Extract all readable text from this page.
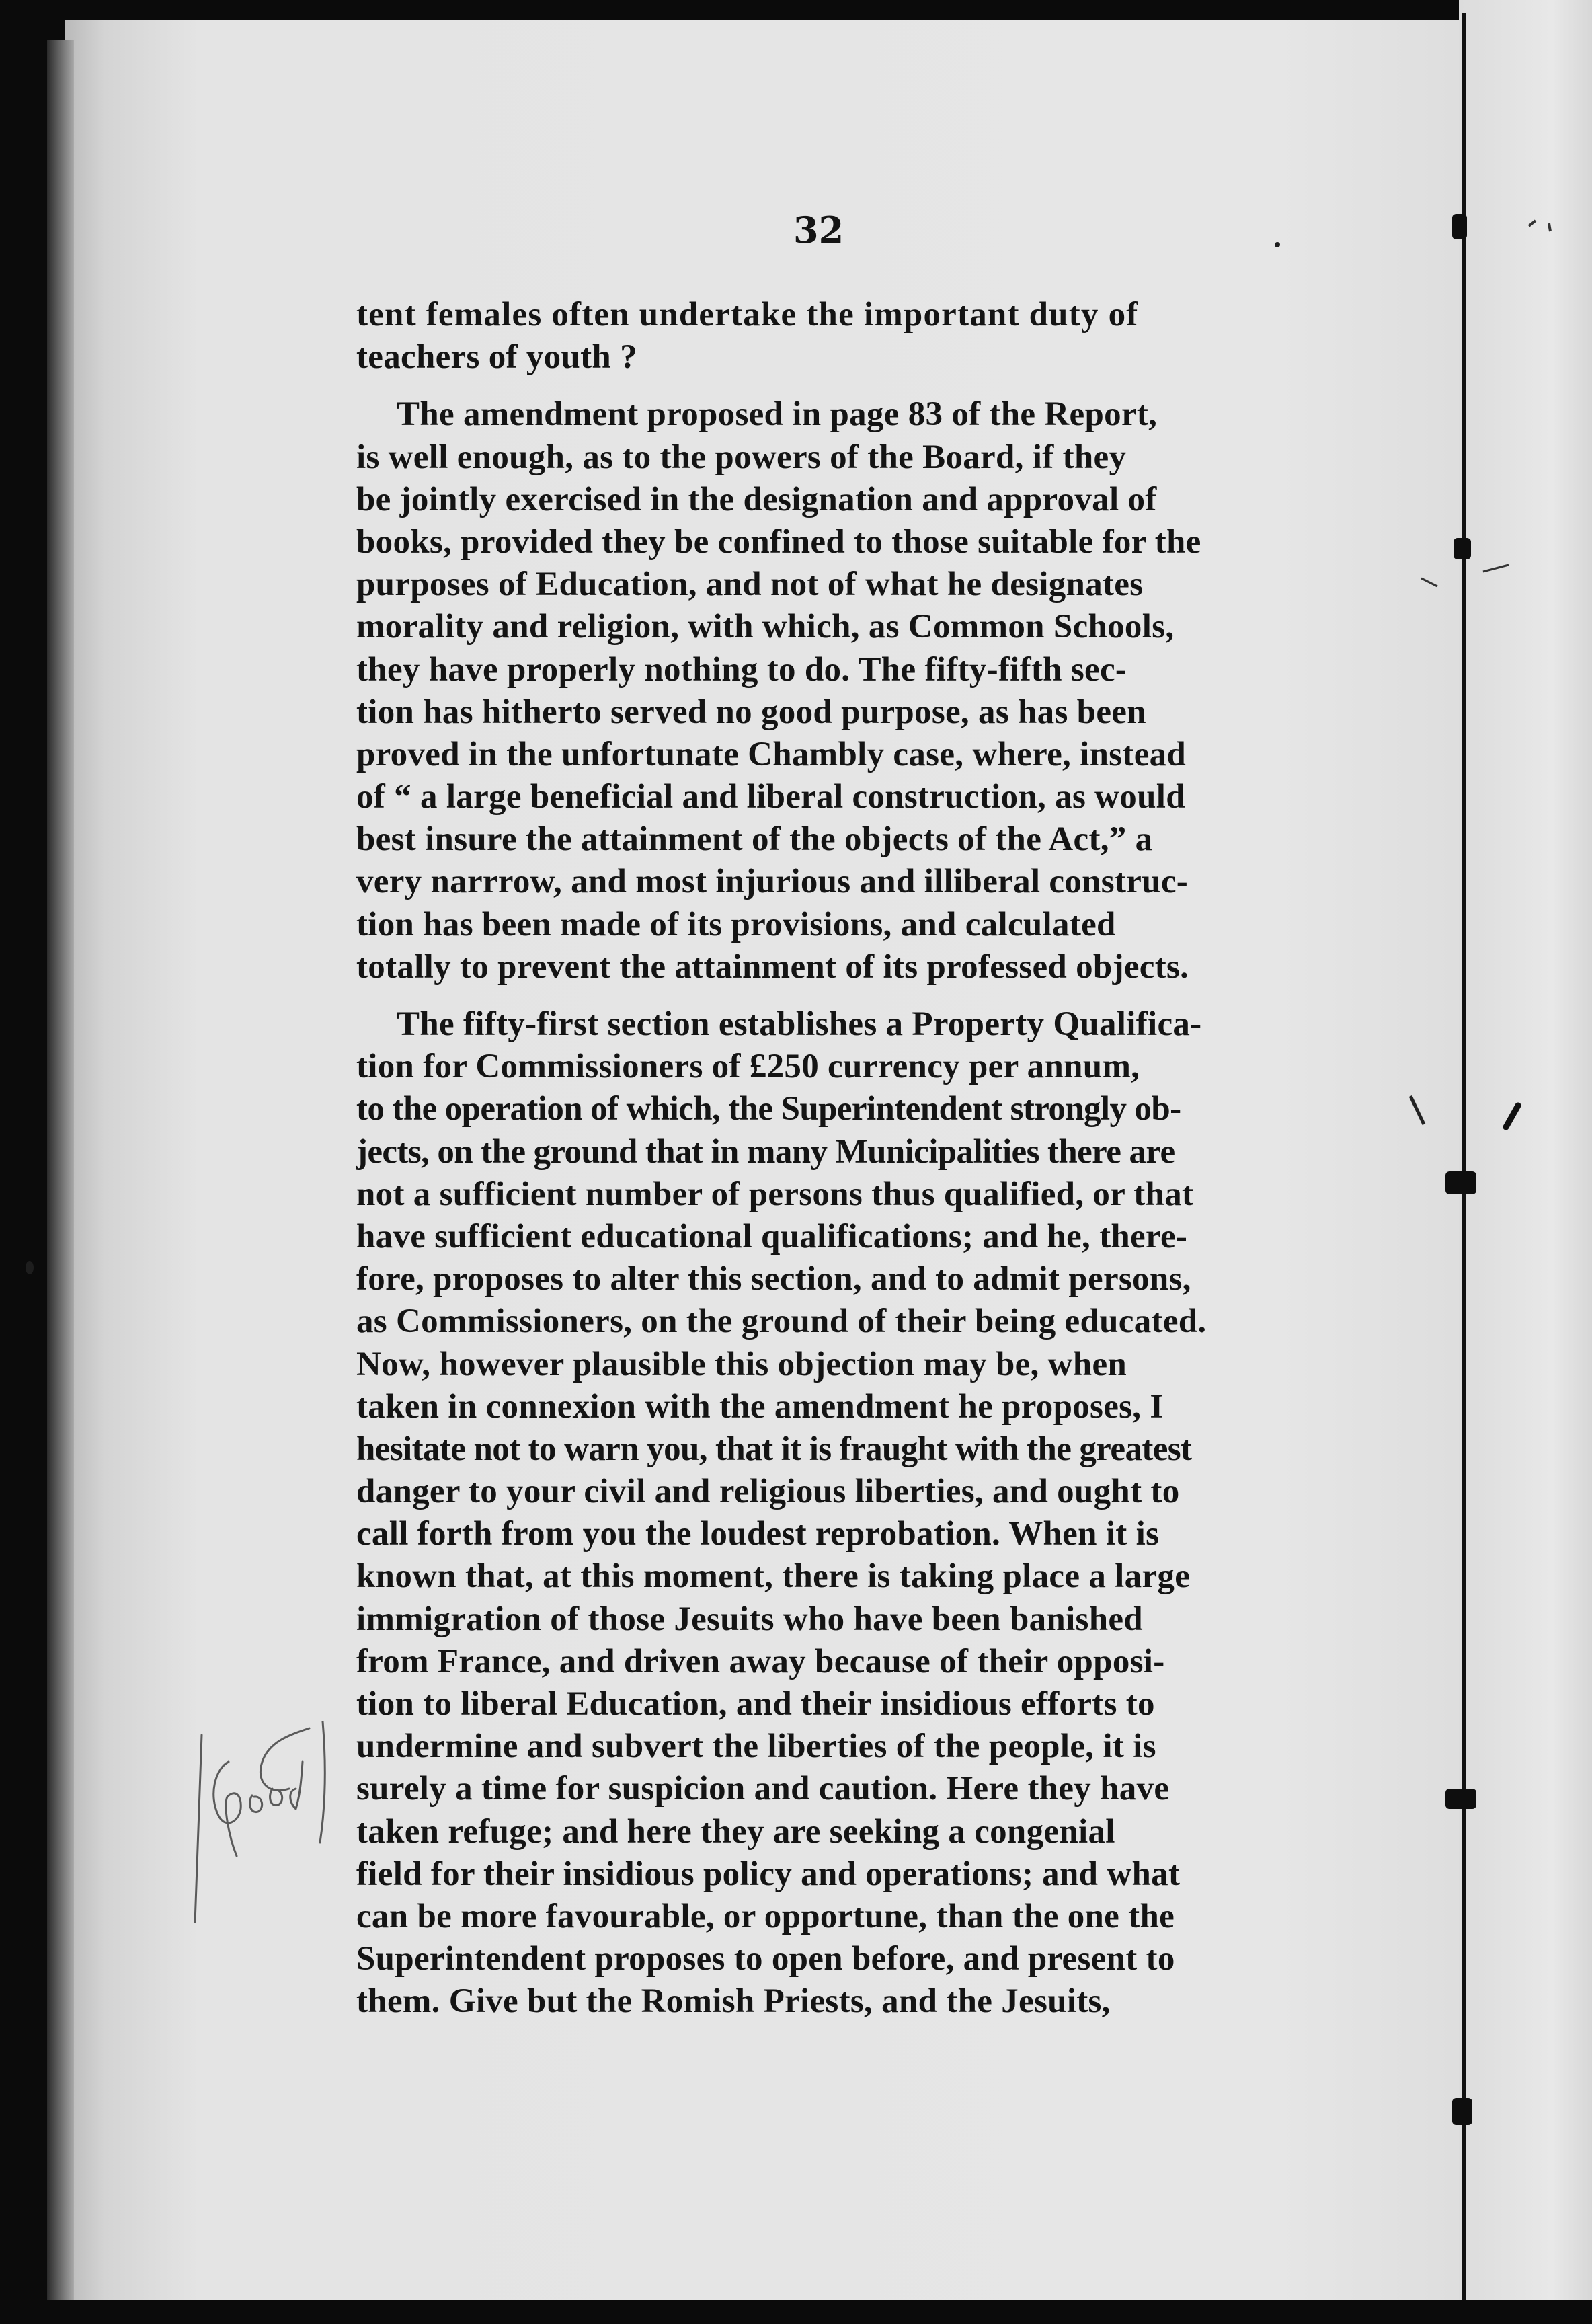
32
tent females often undertake the important duty of
teachers of youth ?
The amendment proposed in page 83 of the Report,
is well enough, as to the powers of the Board, if they
be jointly exercised in the designation and approval of
books, provided they be confined to those suitable for the
purposes of Education, and not of what he designates
morality and religion, with which, as Common Schools,
they have properly nothing to do. The fifty-fifth sec-
tion has hitherto served no good purpose, as has been
proved in the unfortunate Chambly case, where, instead
of “ a large beneficial and liberal construction, as would
best insure the attainment of the objects of the Act,” a
very narrrow, and most injurious and illiberal construc-
tion has been made of its provisions, and calculated
totally to prevent the attainment of its professed objects.
The fifty-first section establishes a Property Qualifica-
tion for Commissioners of £250 currency per annum,
to the operation of which, the Superintendent strongly ob-
jects, on the ground that in many Municipalities there are
not a sufficient number of persons thus qualified, or that
have sufficient educational qualifications; and he, there-
fore, proposes to alter this section, and to admit persons,
as Commissioners, on the ground of their being educated.
Now, however plausible this objection may be, when
taken in connexion with the amendment he proposes, I
hesitate not to warn you, that it is fraught with the greatest
danger to your civil and religious liberties, and ought to
call forth from you the loudest reprobation. When it is
known that, at this moment, there is taking place a large
immigration of those Jesuits who have been banished
from France, and driven away because of their opposi-
tion to liberal Education, and their insidious efforts to
undermine and subvert the liberties of the people, it is
surely a time for suspicion and caution. Here they have
taken refuge; and here they are seeking a congenial
field for their insidious policy and operations; and what
can be more favourable, or opportune, than the one the
Superintendent proposes to open before, and present to
them. Give but the Romish Priests, and the Jesuits,
